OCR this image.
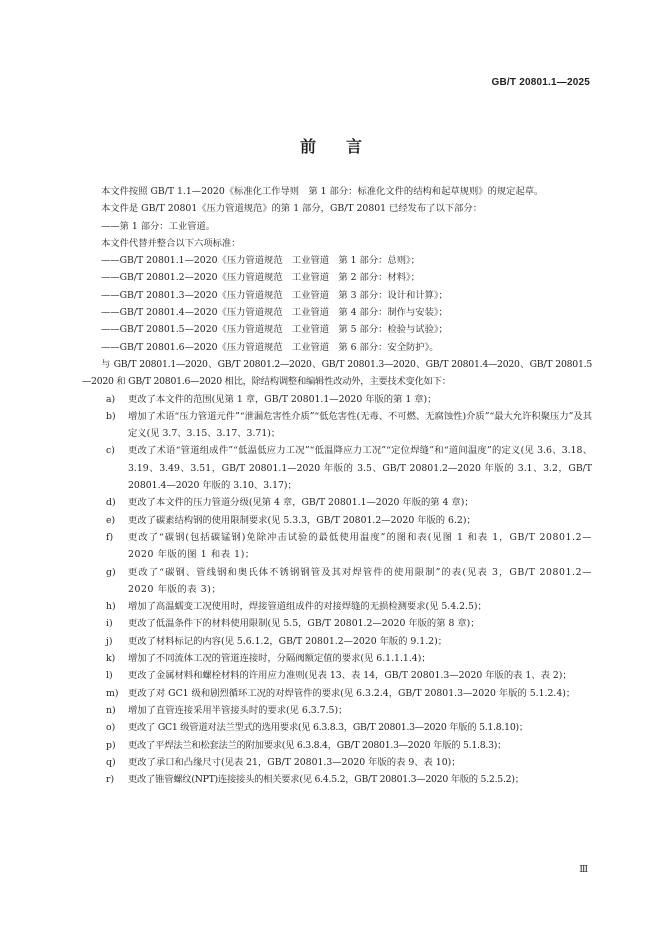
GB/T 20801.1—2025
前言

本文件按照 GB/T 1.1—2020《标准化工作导则　第 1 部分：标准化文件的结构和起草规则》的规定起草。

本文件是 GB/T 20801《压力管道规范》的第 1 部分，GB/T 20801 已经发布了以下部分：

——第 1 部分：工业管道。

本文件代替并整合以下六项标准：

——GB/T 20801.1—2020《压力管道规范　工业管道　第 1 部分：总则》；

——GB/T 20801.2—2020《压力管道规范　工业管道　第 2 部分：材料》；

——GB/T 20801.3—2020《压力管道规范　工业管道　第 3 部分：设计和计算》；

——GB/T 20801.4—2020《压力管道规范　工业管道　第 4 部分：制作与安装》；

——GB/T 20801.5—2020《压力管道规范　工业管道　第 5 部分：检验与试验》；

——GB/T 20801.6—2020《压力管道规范　工业管道　第 6 部分：安全防护》。

与 GB/T 20801.1—2020、GB/T 20801.2—2020、GB/T 20801.3—2020、GB/T 20801.4—2020、GB/T 20801.5—2020 和 GB/T 20801.6—2020 相比，除结构调整和编辑性改动外，主要技术变化如下：

a)	更改了本文件的范围(见第 1 章，GB/T 20801.1—2020 年版的第 1 章)；
b)	增加了术语“压力管道元件”“泄漏危害性介质”“低危害性(无毒、不可燃、无腐蚀性)介质”“最大允许积聚压力”及其定义(见 3.7、3.15、3.17、3.71)；
c)	更改了术语“管道组成件”“低温低应力工况”“低温降应力工况”“定位焊缝”和“道间温度”的定义(见 3.6、3.18、3.19、3.49、3.51，GB/T 20801.1—2020 年版的 3.5、GB/T 20801.2—2020 年版的 3.1、3.2，GB/T 20801.4—2020 年版的 3.10、3.17)；
d)	更改了本文件的压力管道分级(见第 4 章，GB/T 20801.1—2020 年版的第 4 章)；
e)	更改了碳素结构钢的使用限制要求(见 5.3.3，GB/T 20801.2—2020 年版的 6.2)；
f)	更改了“碳钢(包括碳锰钢)免除冲击试验的最低使用温度”的图和表(见图 1 和表 1，GB/T 20801.2—2020 年版的图 1 和表 1)；
g)	更改了“碳钢、管线钢和奥氏体不锈钢钢管及其对焊管件的使用限制”的表(见表 3，GB/T 20801.2—2020 年版的表 3)；
h)	增加了高温蠕变工况使用时，焊接管道组成件的对接焊缝的无损检测要求(见 5.4.2.5)；
i)	更改了低温条件下的材料使用限制(见 5.5，GB/T 20801.2—2020 年版的第 8 章)；
j)	更改了材料标记的内容(见 5.6.1.2，GB/T 20801.2—2020 年版的 9.1.2)；
k)	增加了不同流体工况的管道连接时，分隔阀额定值的要求(见 6.1.1.1.4)；
l)	更改了金属材料和螺栓材料的许用应力准则(见表 13、表 14，GB/T 20801.3—2020 年版的表 1、表 2)；
m)	更改了对 GC1 级和剧烈循环工况的对焊管件的要求(见 6.3.2.4，GB/T 20801.3—2020 年版的 5.1.2.4)；
n)	增加了直管连接采用半管接头时的要求(见 6.3.7.5)；
o)	更改了 GC1 级管道对法兰型式的选用要求(见 6.3.8.3，GB/T 20801.3—2020 年版的 5.1.8.10)；
p)	更改了平焊法兰和松套法兰的附加要求(见 6.3.8.4，GB/T 20801.3—2020 年版的 5.1.8.3)；
q)	更改了承口和凸缘尺寸(见表 21，GB/T 20801.3—2020 年版的表 9、表 10)；
r)	更改了锥管螺纹(NPT)连接接头的相关要求(见 6.4.5.2，GB/T 20801.3—2020 年版的 5.2.5.2)；
Ⅲ
